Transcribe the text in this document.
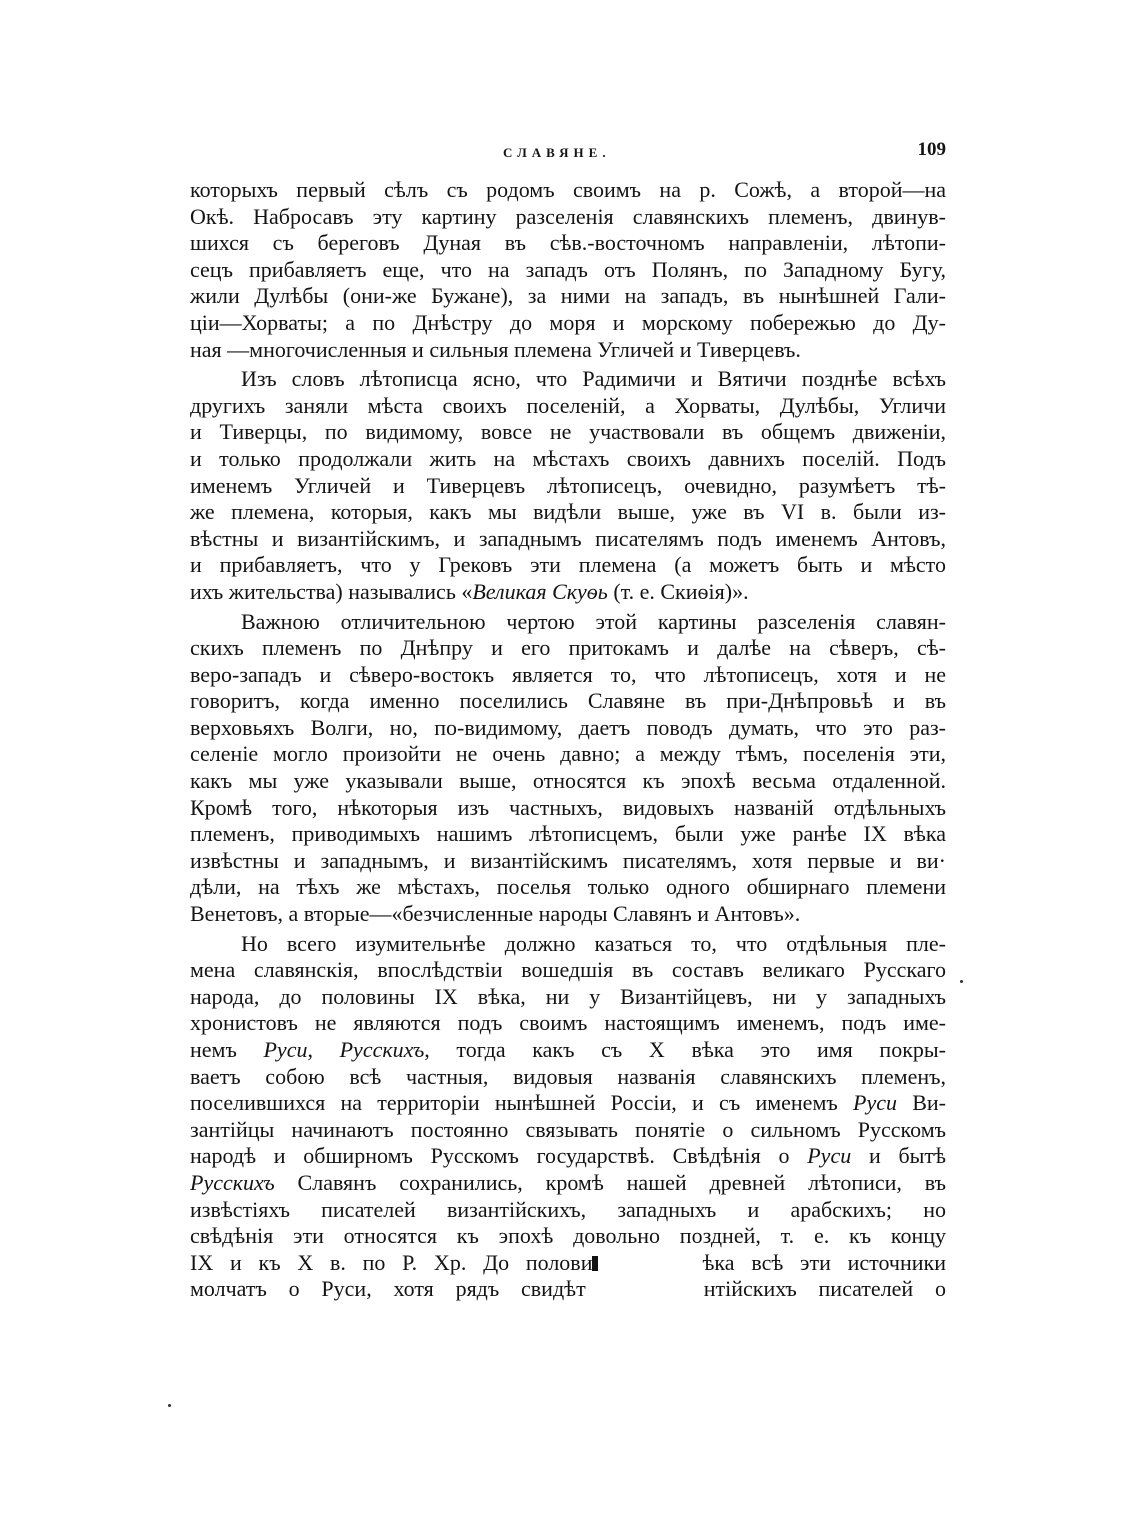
СЛАВЯНЕ.	109
которыхъ первый сѣлъ съ родомъ своимъ на р. Сожѣ, а второй—на
Окѣ. Набросавъ эту картину разселенія славянскихъ племенъ, двинув-
шихся съ береговъ Дуная въ сѣв.-восточномъ направленіи, лѣтопи-
сецъ прибавляетъ еще, что на западъ отъ Полянъ, по Западному Бугу,
жили Дулѣбы (они-же Бужане), за ними на западъ, въ нынѣшней Гали-
ціи—Хорваты; а по Днѣстру до моря и морскому побережью до Ду-
ная —многочисленныя и сильныя племена Угличей и Тиверцевъ.
Изъ словъ лѣтописца ясно, что Радимичи и Вятичи позднѣе всѣхъ
другихъ заняли мѣста своихъ поселеній, а Хорваты, Дулѣбы, Угличи
и Тиверцы, по видимому, вовсе не участвовали въ общемъ движеніи,
и только продолжали жить на мѣстахъ своихъ давнихъ поселій. Подъ
именемъ Угличей и Тиверцевъ лѣтописецъ, очевидно, разумѣетъ тѣ-
же племена, которыя, какъ мы видѣли выше, уже въ VI в. были из-
вѣстны и византійскимъ, и западнымъ писателямъ подъ именемъ Антовъ,
и прибавляетъ, что у Грековъ эти племена (а можетъ быть и мѣсто
ихъ жительства) назывались «Великая Скуѳь (т. е. Скиѳія)».
Важною отличительною чертою этой картины разселенія славян-
скихъ племенъ по Днѣпру и его притокамъ и далѣе на сѣверъ, сѣ-
веро-западъ и сѣверо-востокъ является то, что лѣтописецъ, хотя и не
говоритъ, когда именно поселились Славяне въ при-Днѣпровьѣ и въ
верховьяхъ Волги, но, по-видимому, даетъ поводъ думать, что это раз-
селеніе могло произойти не очень давно; а между тѣмъ, поселенія эти,
какъ мы уже указывали выше, относятся къ эпохѣ весьма отдаленной.
Кромѣ того, нѣкоторыя изъ частныхъ, видовыхъ названій отдѣльныхъ
племенъ, приводимыхъ нашимъ лѣтописцемъ, были уже ранѣе IX вѣка
извѣстны и западнымъ, и византійскимъ писателямъ, хотя первые и ви·
дѣли, на тѣхъ же мѣстахъ, поселья только одного обширнаго племени
Венетовъ, а вторые—«безчисленные народы Славянъ и Антовъ».
Но всего изумительнѣе должно казаться то, что отдѣльныя пле-
мена славянскія, впослѣдствіи вошедшія въ составъ великаго Русскаго
народа, до половины IX вѣка, ни у Византійцевъ, ни у западныхъ
хронистовъ не являются подъ своимъ настоящимъ именемъ, подъ име-
немъ Руси, Русскихъ, тогда какъ съ X вѣка это имя покры-
ваетъ собою всѣ частныя, видовыя названія славянскихъ племенъ,
поселившихся на территоріи нынѣшней Россіи, и съ именемъ Руси Ви-
зантійцы начинаютъ постоянно связывать понятіе о сильномъ Русскомъ
народѣ и обширномъ Русскомъ государствѣ. Свѣдѣнія о Руси и бытѣ
Русскихъ Славянъ сохранились, кромѣ нашей древней лѣтописи, въ
извѣстіяхъ писателей византійскихъ, западныхъ и арабскихъ; но
свѣдѣнія эти относятся къ эпохѣ довольно поздней, т. е. къ концу
IX и къ X в. по Р. Хр. До полови	ѣка всѣ эти источники
молчатъ о Руси, хотя рядъ свидѣт	нтійскихъ писателей о
